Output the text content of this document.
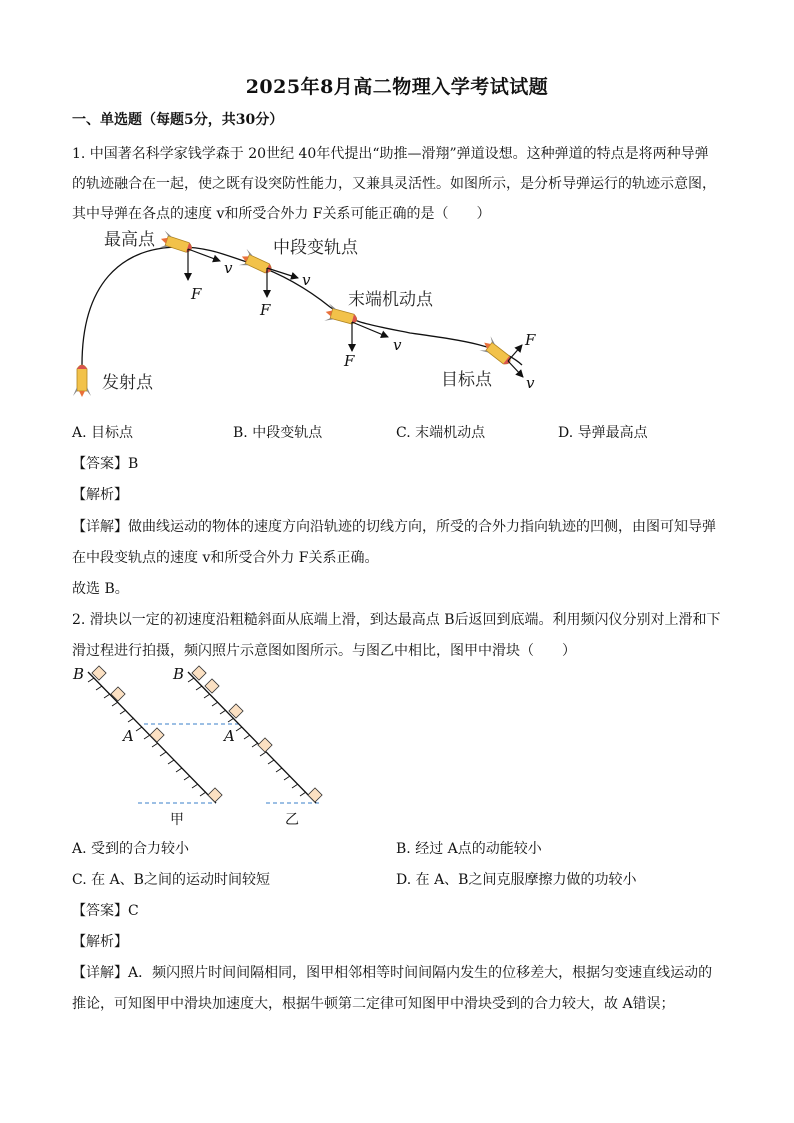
2025年8月高二物理入学考试试题
一、单选题（每题5分，共30分）
1. 中国著名科学家钱学森于 20世纪 40年代提出“助推—滑翔”弹道设想。这种弹道的特点是将两种导弹
的轨迹融合在一起，使之既有设突防性能力，又兼具灵活性。如图所示，是分析导弹运行的轨迹示意图，
其中导弹在各点的速度 v和所受合外力 F关系可能正确的是（　　）
发射点
最高点
v
F
中段变轨点
v
F	末端机动点
v
F
目标点 v
F
A. 目标点	B. 中段变轨点	C. 末端机动点	D. 导弹最高点
【答案】B
【解析】
【详解】做曲线运动的物体的速度方向沿轨迹的切线方向，所受的合外力指向轨迹的凹侧，由图可知导弹
在中段变轨点的速度 v和所受合外力 F关系正确。
故选 B。
2. 滑块以一定的初速度沿粗糙斜面从底端上滑，到达最高点 B后返回到底端。利用频闪仪分别对上滑和下
滑过程进行拍摄，频闪照片示意图如图所示。与图乙中相比，图甲中滑块（　　）
B
A
甲
B
A
乙
A. 受到的合力较小	B. 经过 A点的动能较小
C. 在 A、B之间的运动时间较短	D. 在 A、B之间克服摩擦力做的功较小
【答案】C
【解析】
【详解】A．频闪照片时间间隔相同，图甲相邻相等时间间隔内发生的位移差大，根据匀变速直线运动的
推论，可知图甲中滑块加速度大，根据牛顿第二定律可知图甲中滑块受到的合力较大，故 A错误；
